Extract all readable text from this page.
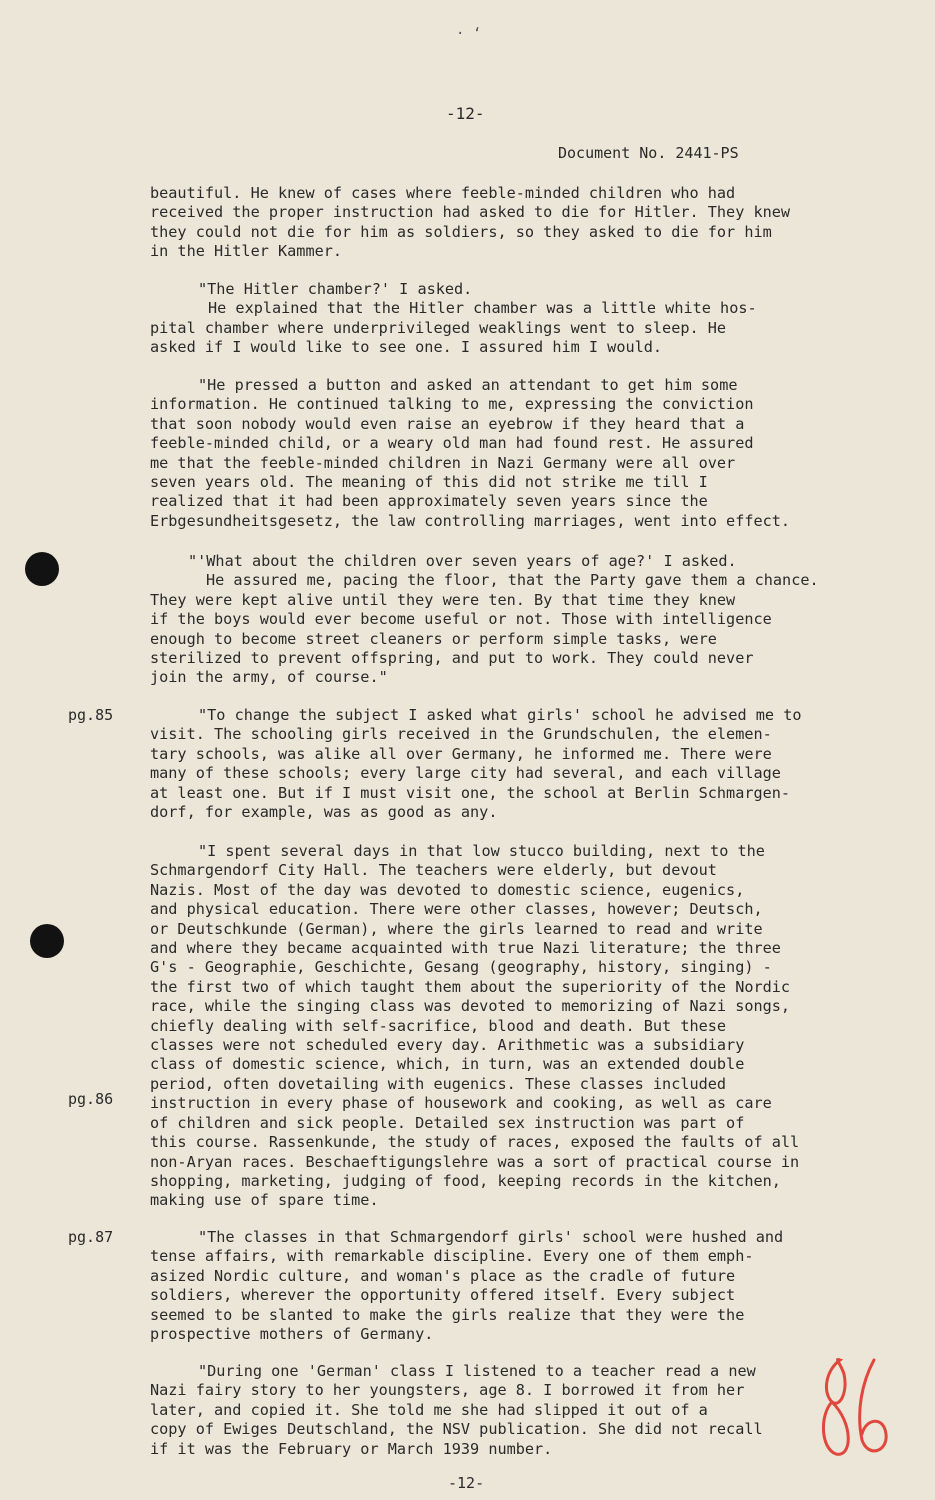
· ‘
-12-
Document No. 2441-PS
pg.85
pg.86
pg.87
beautiful. He knew of cases where feeble-minded children who had
received the proper instruction had asked to die for Hitler. They knew
they could not die for him as soldiers, so they asked to die for him
in the Hitler Kammer.
"The Hitler chamber?' I asked.
He explained that the Hitler chamber was a little white hos-
pital chamber where underprivileged weaklings went to sleep. He
asked if I would like to see one. I assured him I would.
"He pressed a button and asked an attendant to get him some
information. He continued talking to me, expressing the conviction
that soon nobody would even raise an eyebrow if they heard that a
feeble-minded child, or a weary old man had found rest. He assured
me that the feeble-minded children in Nazi Germany were all over
seven years old. The meaning of this did not strike me till I
realized that it had been approximately seven years since the
Erbgesundheitsgesetz, the law controlling marriages, went into effect.
"'What about the children over seven years of age?' I asked.
He assured me, pacing the floor, that the Party gave them a chance.
They were kept alive until they were ten. By that time they knew
if the boys would ever become useful or not. Those with intelligence
enough to become street cleaners or perform simple tasks, were
sterilized to prevent offspring, and put to work. They could never
join the army, of course."
"To change the subject I asked what girls' school he advised me to
visit. The schooling girls received in the Grundschulen, the elemen-
tary schools, was alike all over Germany, he informed me. There were
many of these schools; every large city had several, and each village
at least one. But if I must visit one, the school at Berlin Schmargen-
dorf, for example, was as good as any.
"I spent several days in that low stucco building, next to the
Schmargendorf City Hall. The teachers were elderly, but devout
Nazis. Most of the day was devoted to domestic science, eugenics,
and physical education. There were other classes, however; Deutsch,
or Deutschkunde (German), where the girls learned to read and write
and where they became acquainted with true Nazi literature; the three
G's - Geographie, Geschichte, Gesang (geography, history, singing) -
the first two of which taught them about the superiority of the Nordic
race, while the singing class was devoted to memorizing of Nazi songs,
chiefly dealing with self-sacrifice, blood and death. But these
classes were not scheduled every day. Arithmetic was a subsidiary
class of domestic science, which, in turn, was an extended double
period, often dovetailing with eugenics. These classes included
instruction in every phase of housework and cooking, as well as care
of children and sick people. Detailed sex instruction was part of
this course. Rassenkunde, the study of races, exposed the faults of all
non-Aryan races. Beschaeftigungslehre was a sort of practical course in
shopping, marketing, judging of food, keeping records in the kitchen,
making use of spare time.
"The classes in that Schmargendorf girls' school were hushed and
tense affairs, with remarkable discipline. Every one of them emph-
asized Nordic culture, and woman's place as the cradle of future
soldiers, wherever the opportunity offered itself. Every subject
seemed to be slanted to make the girls realize that they were the
prospective mothers of Germany.
"During one 'German' class I listened to a teacher read a new
Nazi fairy story to her youngsters, age 8. I borrowed it from her
later, and copied it. She told me she had slipped it out of a
copy of Ewiges Deutschland, the NSV publication. She did not recall
if it was the February or March 1939 number.
-12-
